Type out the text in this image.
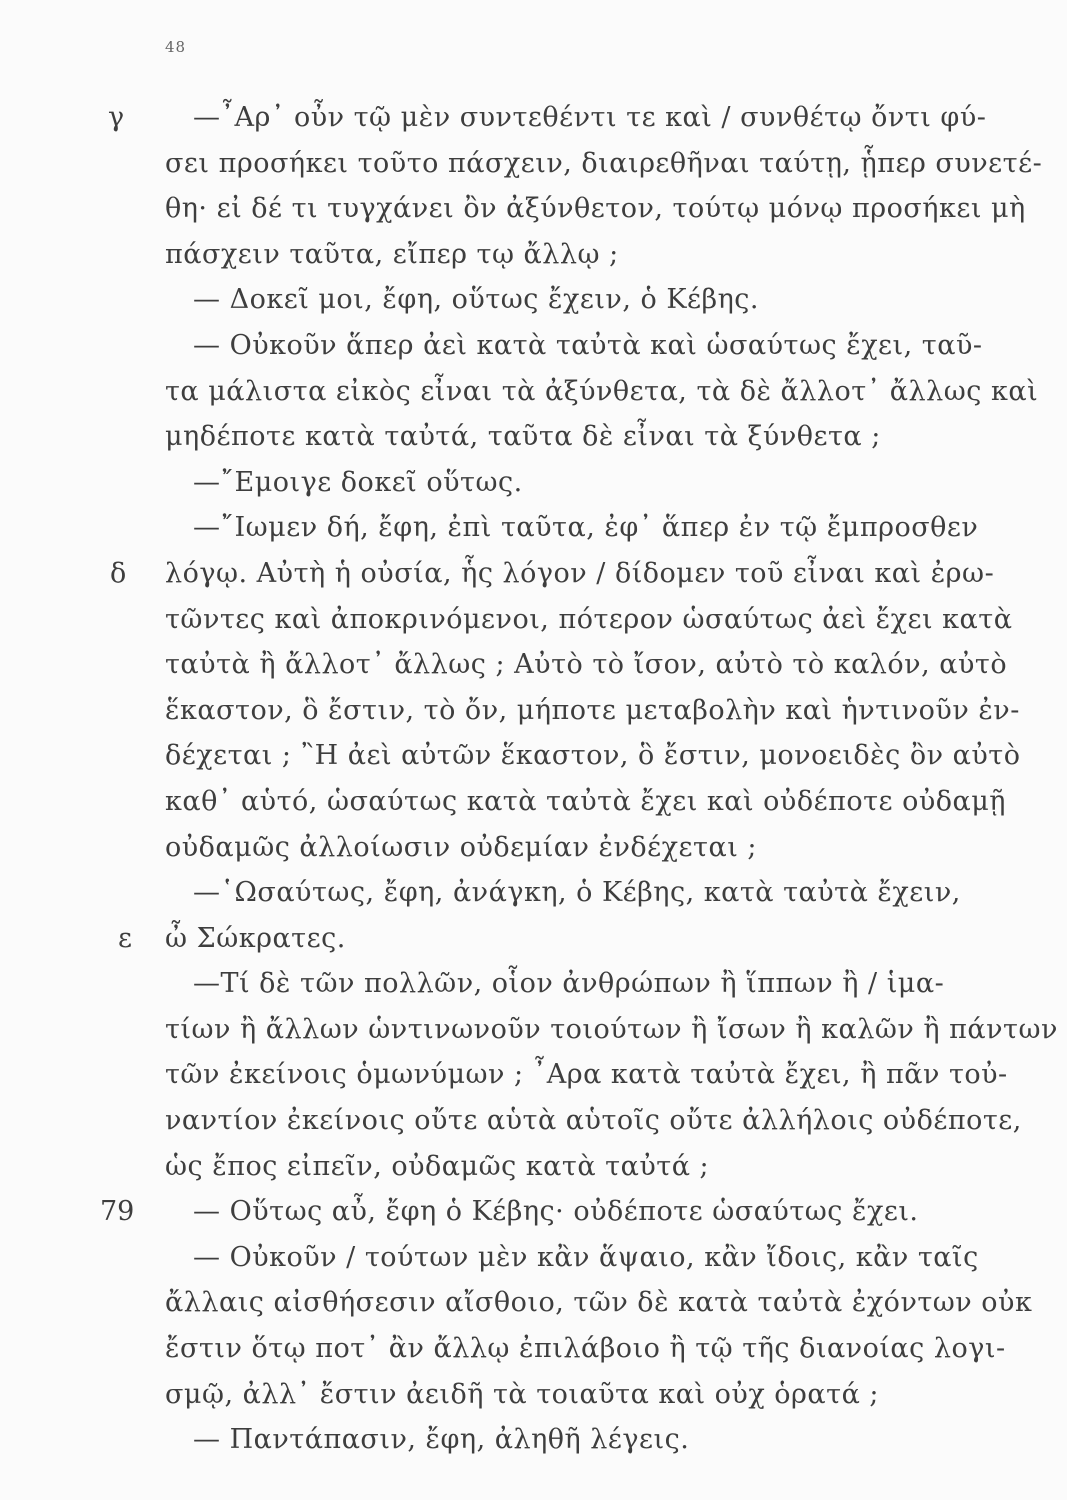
48
γ
δ
ε
79
—῏Αρ᾿ οὖν τῷ μὲν συντεθέντι τε καὶ / συνθέτῳ ὄντι φύ-
σει προσήκει τοῦτο πάσχειν, διαιρεθῆναι ταύτῃ, ᾗπερ συνετέ-
θη· εἰ δέ τι τυγχάνει ὂν ἀξύνθετον, τούτῳ μόνῳ προσήκει μὴ
πάσχειν ταῦτα, εἴπερ τῳ ἄλλῳ ;
— Δοκεῖ μοι, ἔφη, οὕτως ἔχειν, ὁ Κέβης.
— Οὐκοῦν ἅπερ ἀεὶ κατὰ ταὐτὰ καὶ ὡσαύτως ἔχει, ταῦ-
τα μάλιστα εἰκὸς εἶναι τὰ ἀξύνθετα, τὰ δὲ ἄλλοτ᾿ ἄλλως καὶ
μηδέποτε κατὰ ταὐτά, ταῦτα δὲ εἶναι τὰ ξύνθετα ;
—῎Εμοιγε δοκεῖ οὕτως.
—῎Ιωμεν δή, ἔφη, ἐπὶ ταῦτα, ἐφ᾿ ἅπερ ἐν τῷ ἔμπροσθεν
λόγῳ. Αὐτὴ ἡ οὐσία, ἧς λόγον / δίδομεν τοῦ εἶναι καὶ ἐρω-
τῶντες καὶ ἀποκρινόμενοι, πότερον ὡσαύτως ἀεὶ ἔχει κατὰ
ταὐτὰ ἢ ἄλλοτ᾿ ἄλλως ; Αὐτὸ τὸ ἴσον, αὐτὸ τὸ καλόν, αὐτὸ
ἕκαστον, ὃ ἔστιν, τὸ ὄν, μήποτε μεταβολὴν καὶ ἡντινοῦν ἐν-
δέχεται ; ῍Η ἀεὶ αὐτῶν ἕκαστον, ὃ ἔστιν, μονοειδὲς ὂν αὐτὸ
καθ᾿ αὑτό, ὡσαύτως κατὰ ταὐτὰ ἔχει καὶ οὐδέποτε οὐδαμῇ
οὐδαμῶς ἀλλοίωσιν οὐδεμίαν ἐνδέχεται ;
—῾Ωσαύτως, ἔφη, ἀνάγκη, ὁ Κέβης, κατὰ ταὐτὰ ἔχειν,
ὦ Σώκρατες.
—Τί δὲ τῶν πολλῶν, οἷον ἀνθρώπων ἢ ἵππων ἢ / ἱμα-
τίων ἢ ἄλλων ὡντινωνοῦν τοιούτων ἢ ἴσων ἢ καλῶν ἢ πάντων
τῶν ἐκείνοις ὁμωνύμων ; ῏Αρα κατὰ ταὐτὰ ἔχει, ἢ πᾶν τοὐ-
ναντίον ἐκείνοις οὔτε αὑτὰ αὑτοῖς οὔτε ἀλλήλοις οὐδέποτε,
ὡς ἔπος εἰπεῖν, οὐδαμῶς κατὰ ταὐτά ;
— Οὕτως αὖ, ἔφη ὁ Κέβης· οὐδέποτε ὡσαύτως ἔχει.
— Οὐκοῦν / τούτων μὲν κἂν ἅψαιο, κἂν ἴδοις, κἂν ταῖς
ἄλλαις αἰσθήσεσιν αἴσθοιο, τῶν δὲ κατὰ ταὐτὰ ἐχόντων οὐκ
ἔστιν ὅτῳ ποτ᾿ ἂν ἄλλῳ ἐπιλάβοιο ἢ τῷ τῆς διανοίας λογι-
σμῷ, ἀλλ᾿ ἔστιν ἀειδῆ τὰ τοιαῦτα καὶ οὐχ ὁρατά ;
— Παντάπασιν, ἔφη, ἀληθῆ λέγεις.
